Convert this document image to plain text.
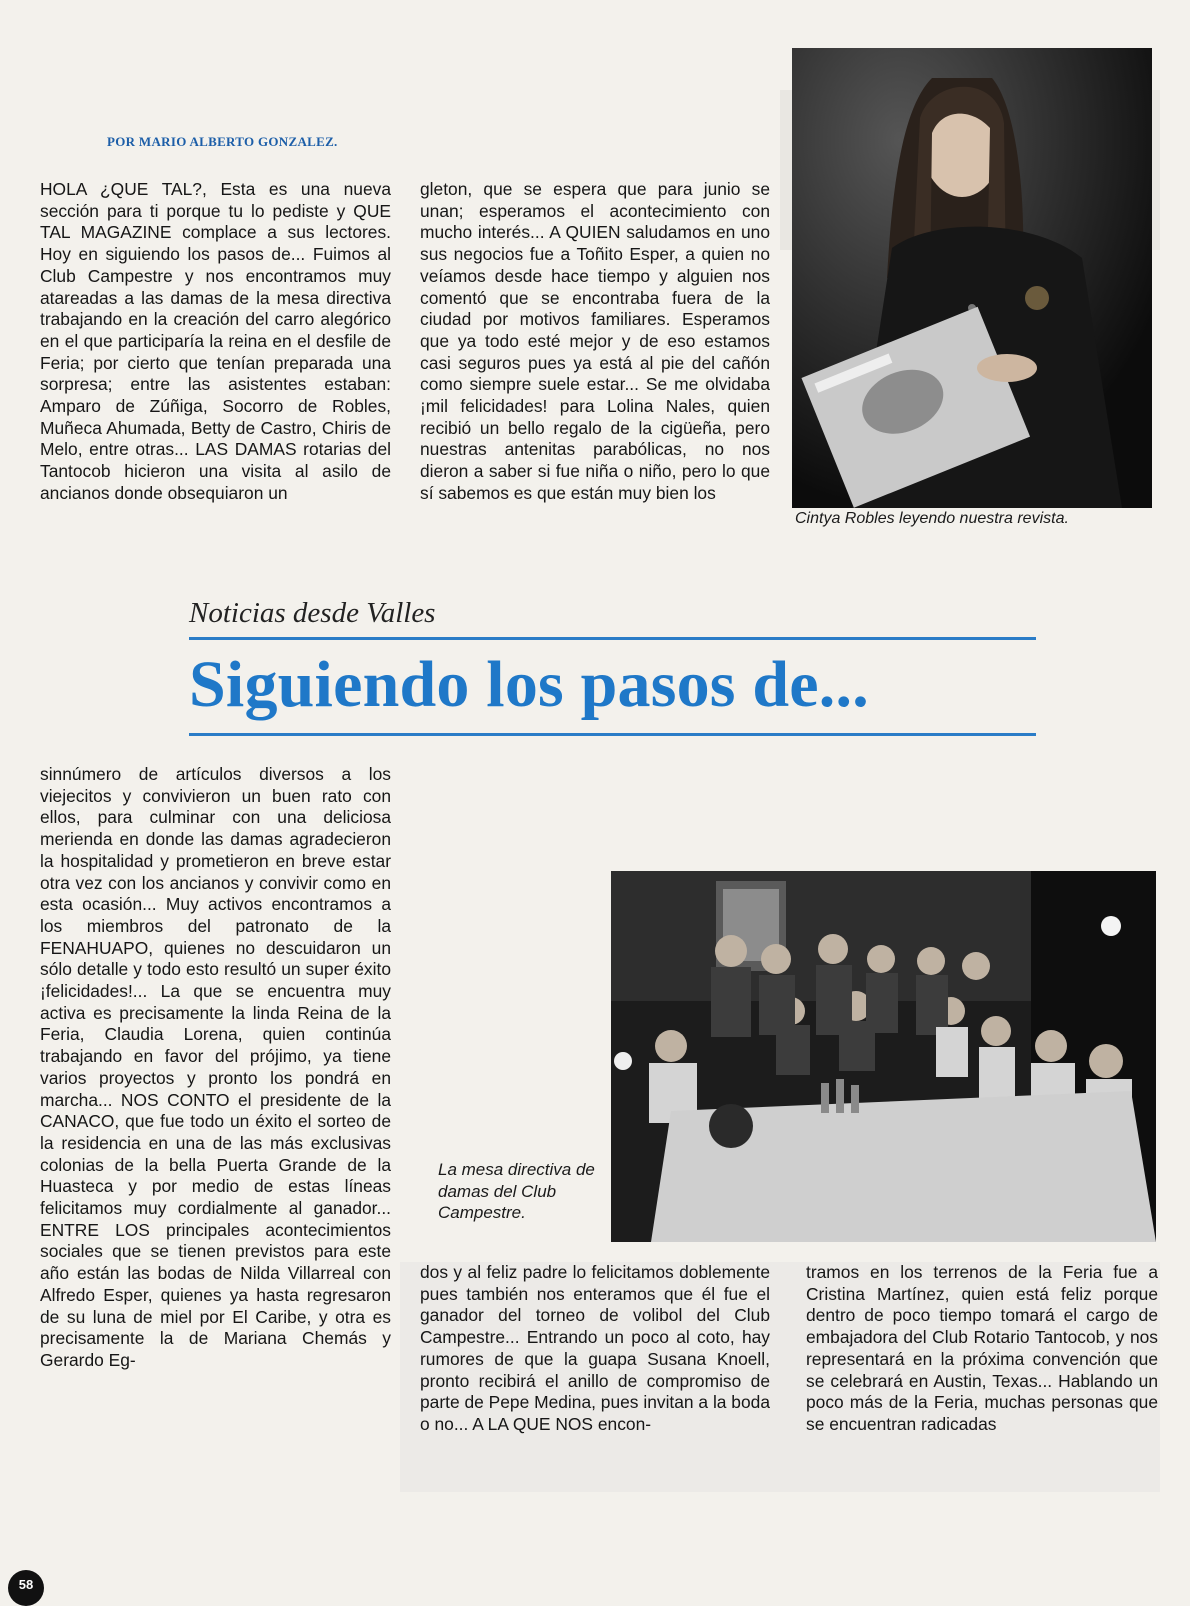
POR MARIO ALBERTO GONZALEZ.

HOLA ¿QUE TAL?, Esta es una nueva sección para ti porque tu lo pediste y QUE TAL MAGAZINE complace a sus lectores. Hoy en siguiendo los pasos de... Fuimos al Club Campestre y nos encontramos muy atareadas a las damas de la mesa directiva trabajando en la creación del carro alegórico en el que participaría la reina en el desfile de Feria; por cierto que tenían preparada una sorpresa; entre las asistentes estaban: Amparo de Zúñiga, Socorro de Robles, Muñeca Ahumada, Betty de Castro, Chiris de Melo, entre otras... LAS DAMAS rotarias del Tantocob hicieron una visita al asilo de ancianos donde obsequiaron un

gleton, que se espera que para junio se unan; esperamos el acontecimiento con mucho interés... A QUIEN saludamos en uno sus negocios fue a Toñito Esper, a quien no veíamos desde hace tiempo y alguien nos comentó que se encontraba fuera de la ciudad por motivos familiares. Esperamos que ya todo esté mejor y de eso estamos casi seguros pues ya está al pie del cañón como siempre suele estar... Se me olvidaba ¡mil felicidades! para Lolina Nales, quien recibió un bello regalo de la cigüeña, pero nuestras antenitas parabólicas, no nos dieron a saber si fue niña o niño, pero lo que sí sabemos es que están muy bien los

Cintya Robles leyendo nuestra revista.
Noticias desde Valles
Siguiendo los pasos de...

sinnúmero de artículos diversos a los viejecitos y convivieron un buen rato con ellos, para culminar con una deliciosa merienda en donde las damas agradecieron la hospitalidad y prometieron en breve estar otra vez con los ancianos y convivir como en esta ocasión... Muy activos encontramos a los miembros del patronato de la FENAHUAPO, quienes no descuidaron un sólo detalle y todo esto resultó un super éxito ¡felicidades!... La que se encuentra muy activa es precisamente la linda Reina de la Feria, Claudia Lorena, quien continúa trabajando en favor del prójimo, ya tiene varios proyectos y pronto los pondrá en marcha... NOS CONTO el presidente de la CANACO, que fue todo un éxito el sorteo de la residencia en una de las más exclusivas colonias de la bella Puerta Grande de la Huasteca y por medio de estas líneas felicitamos muy cordialmente al ganador... ENTRE LOS principales acontecimientos sociales que se tienen previstos para este año están las bodas de Nilda Villarreal con Alfredo Esper, quienes ya hasta regresaron de su luna de miel por El Caribe, y otra es precisamente la de Mariana Chemás y Gerardo Eg-

La mesa directiva de damas del Club Campestre.

dos y al feliz padre lo felicitamos doblemente pues también nos enteramos que él fue el ganador del torneo de volibol del Club Campestre... Entrando un poco al coto, hay rumores de que la guapa Susana Knoell, pronto recibirá el anillo de compromiso de parte de Pepe Medina, pues invitan a la boda o no... A LA QUE NOS encon-

tramos en los terrenos de la Feria fue a Cristina Martínez, quien está feliz porque dentro de poco tiempo tomará el cargo de embajadora del Club Rotario Tantocob, y nos representará en la próxima convención que se celebrará en Austin, Texas... Hablando un poco más de la Feria, muchas personas que se encuentran radicadas

58
